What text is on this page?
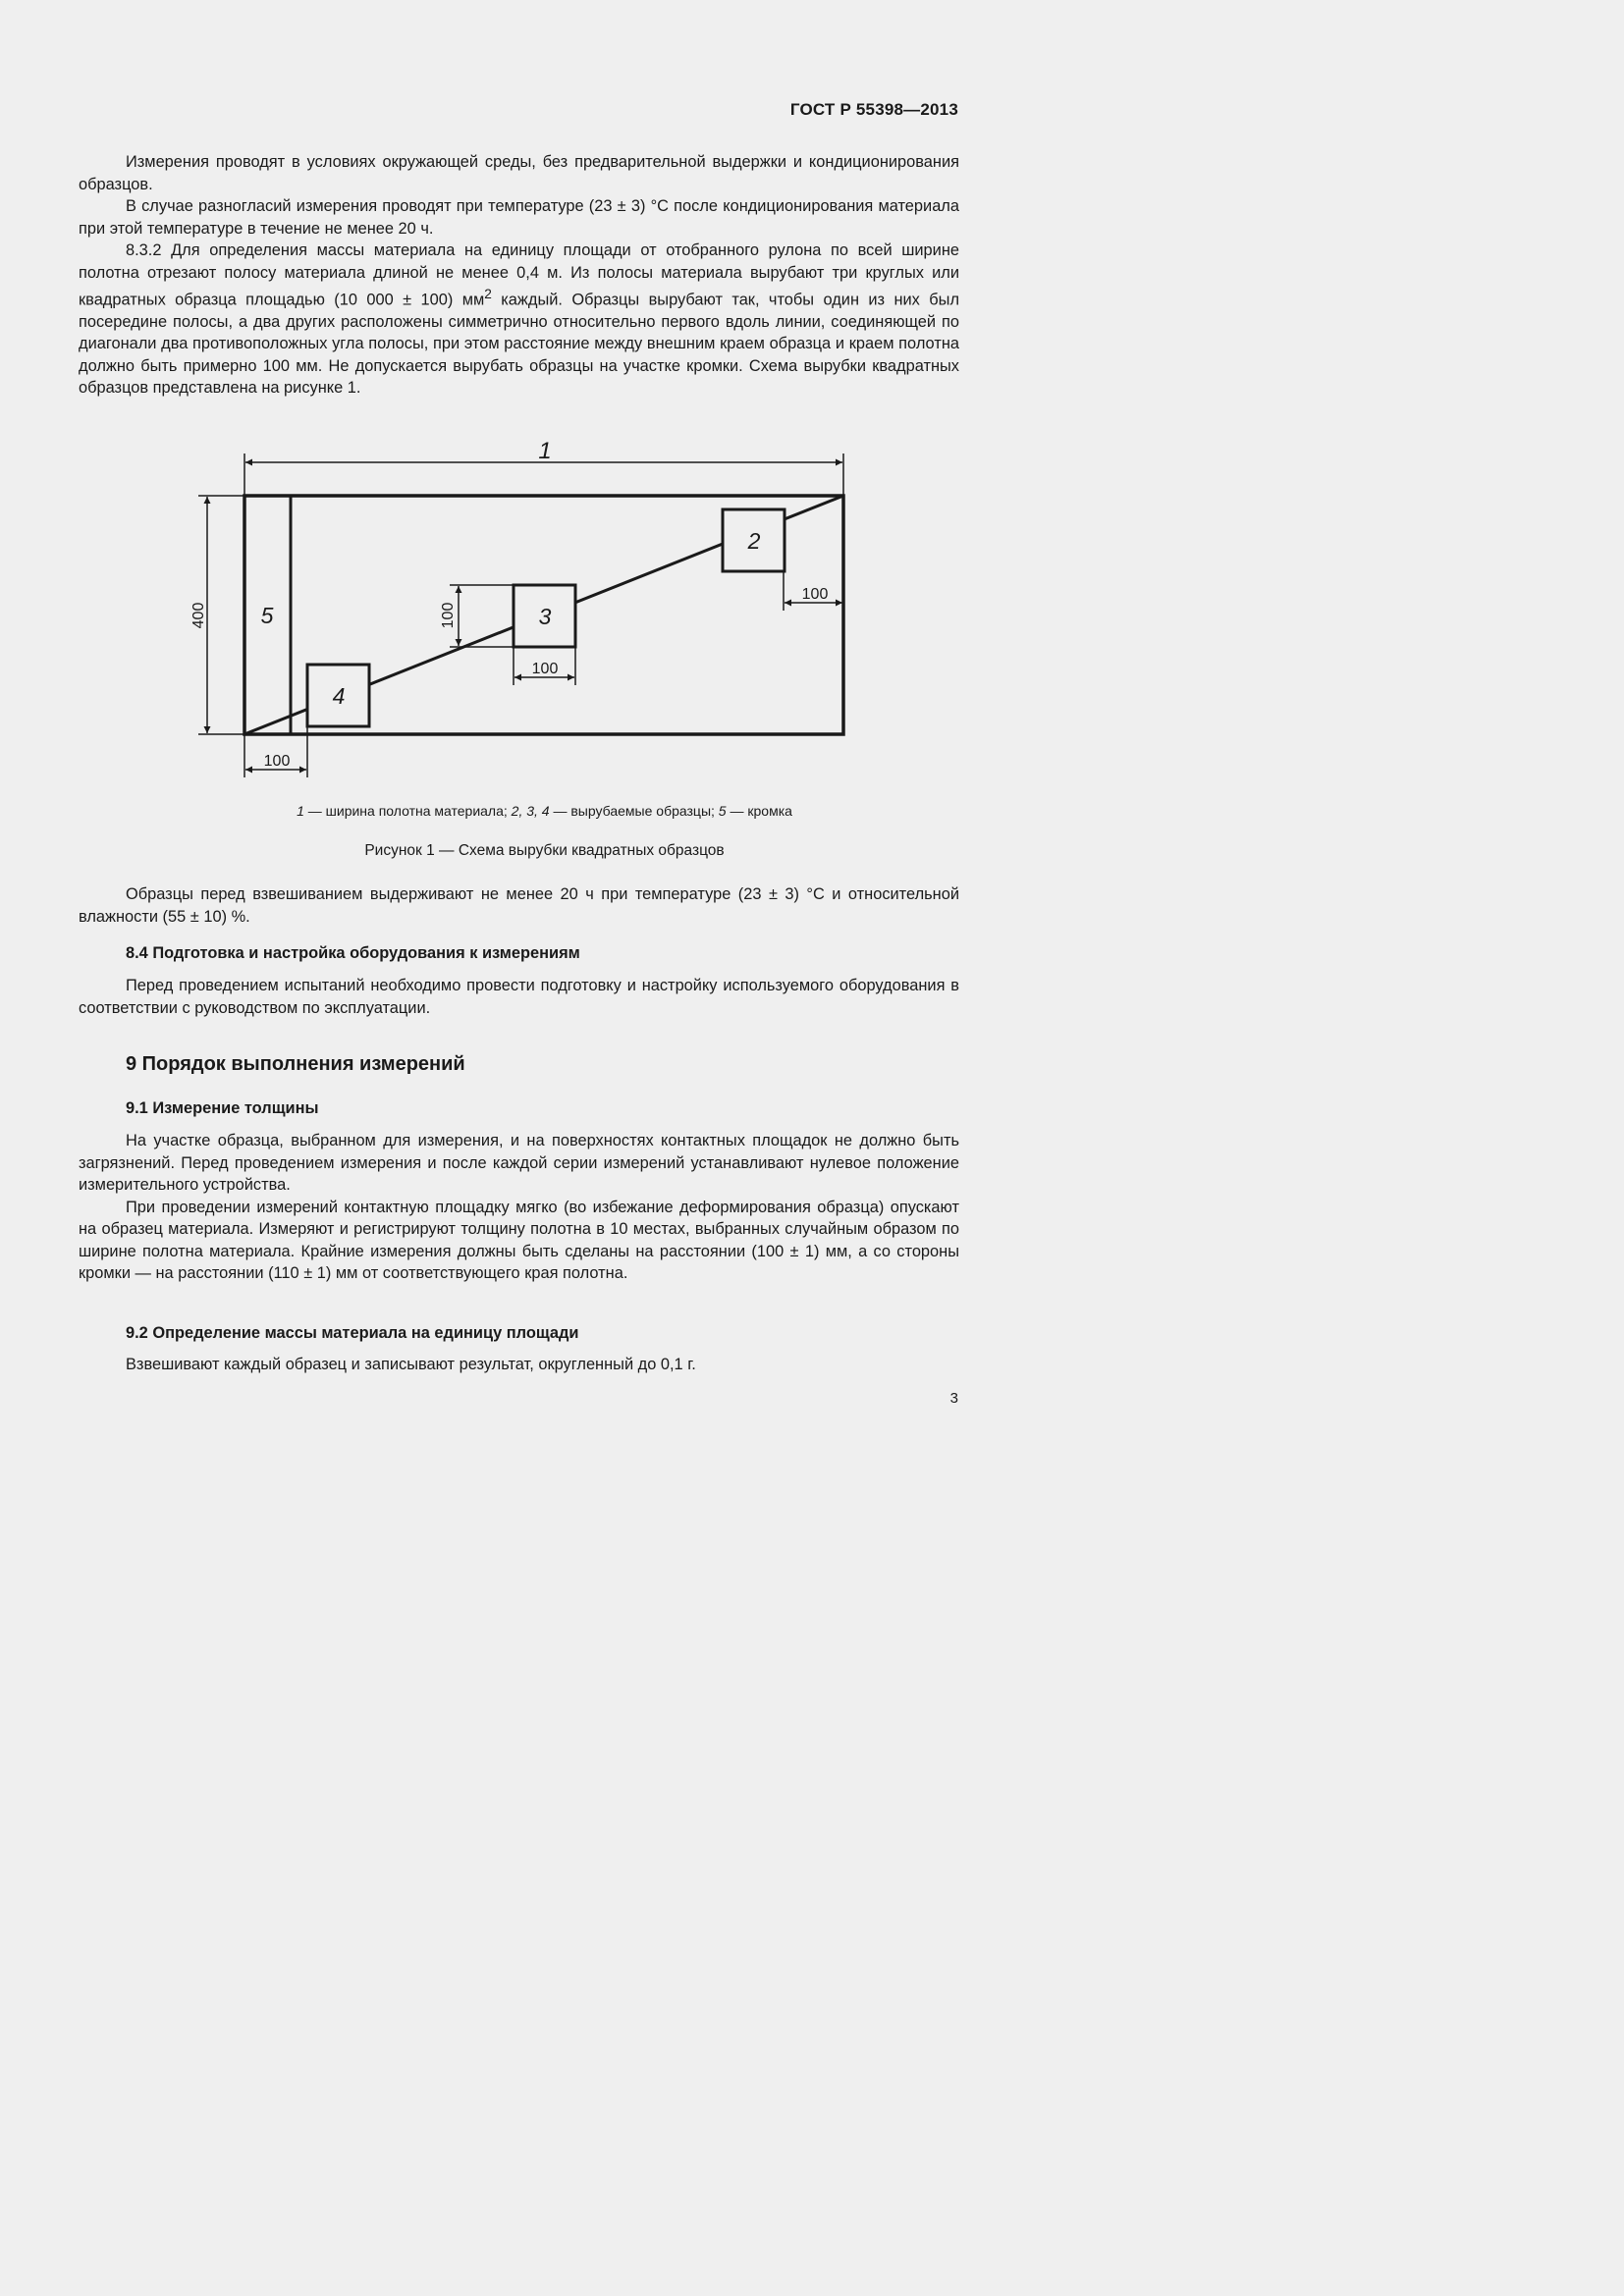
ГОСТ Р 55398—2013

Измерения проводят в условиях окружающей среды, без предварительной выдержки и кондиционирования образцов.

В случае разногласий измерения проводят при температуре (23 ± 3) °С после кондиционирования материала при этой температуре в течение не менее 20 ч.

8.3.2 Для определения массы материала на единицу площади от отобранного рулона по всей ширине полотна отрезают полосу материала длиной не менее 0,4 м. Из полосы материала вырубают три круглых или квадратных образца площадью (10 000 ± 100) $мм^2$ каждый. Образцы вырубают так, чтобы один из них был посередине полосы, а два других расположены симметрично относительно первого вдоль линии, соединяющей по диагонали два противоположных угла полосы, при этом расстояние между внешним краем образца и краем полотна должно быть примерно 100 мм. Не допускается вырубать образцы на участке кромки. Схема вырубки квадратных образцов представлена на рисунке 1.

1
5
4
3
2
400	100
100
100
100
1 — ширина полотна материала; 2, 3, 4 — вырубаемые образцы; 5 — кромка
Рисунок 1 — Схема вырубки квадратных образцов

Образцы перед взвешиванием выдерживают не менее 20 ч при температуре (23 ± 3) °С и относительной влажности (55 ± 10) %.

8.4 Подготовка и настройка оборудования к измерениям

Перед проведением испытаний необходимо провести подготовку и настройку используемого оборудования в соответствии с руководством по эксплуатации.

9 Порядок выполнения измерений
9.1 Измерение толщины

На участке образца, выбранном для измерения, и на поверхностях контактных площадок не должно быть загрязнений. Перед проведением измерения и после каждой серии измерений устанавливают нулевое положение измерительного устройства.

При проведении измерений контактную площадку мягко (во избежание деформирования образца) опускают на образец материала. Измеряют и регистрируют толщину полотна в 10 местах, выбранных случайным образом по ширине полотна материала. Крайние измерения должны быть сделаны на расстоянии (100 ± 1) мм, а со стороны кромки — на расстоянии (110 ± 1) мм от соответствующего края полотна.

9.2 Определение массы материала на единицу площади

Взвешивают каждый образец и записывают результат, округленный до 0,1 г.

3
